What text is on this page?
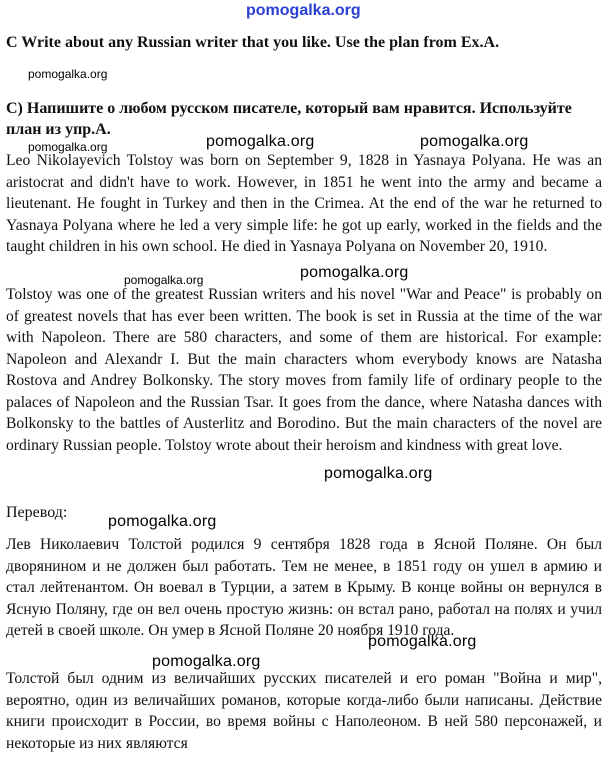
pomogalka.org

C Write about any Russian writer that you like. Use the plan from Ex.A.

pomogalka.org

С) Напишите о любом русском писателе, который вам нравится. Используйте план из упр.А.

pomogalka.org	pomogalka.org	pomogalka.org

Leo Nikolayevich Tolstoy was born on September 9, 1828 in Yasnaya Polyana. He was an aristocrat and didn't have to work. However, in 1851 he went into the army and became a lieutenant. He fought in Turkey and then in the Crimea. At the end of the war he returned to Yasnaya Polyana where he led a very simple life: he got up early, worked in the fields and the taught children in his own school. He died in Yasnaya Polyana on November 20, 1910.

pomogalka.org	pomogalka.org

Tolstoy was one of the greatest Russian writers and his novel "War and Peace" is probably on of greatest novels that has ever been written. The book is set in Russia at the time of the war with Napoleon. There are 580 characters, and some of them are historical. For example: Napoleon and Alexandr I. But the main characters whom everybody knows are Natasha Rostova and Andrey Bolkonsky. The story moves from family life of ordinary people to the palaces of Napoleon and the Russian Tsar. It goes from the dance, where Natasha dances with Bolkonsky to the battles of Austerlitz and Borodino. But the main characters of the novel are ordinary Russian people. Tolstoy wrote about their heroism and kindness with great love.

pomogalka.org

Перевод:

pomogalka.org

Лев Николаевич Толстой родился 9 сентября 1828 года в Ясной Поляне. Он был дворянином и не должен был работать. Тем не менее, в 1851 году он ушел в армию и стал лейтенантом. Он воевал в Турции, а затем в Крыму. В конце войны он вернулся в Ясную Поляну, где он вел очень простую жизнь: он встал рано, работал на полях и учил детей в своей школе. Он умер в Ясной Поляне 20 ноября 1910 года.

pomogalka.org
pomogalka.org

Толстой был одним из величайших русских писателей и его роман "Война и мир", вероятно, один из величайших романов, которые когда-либо были написаны. Действие книги происходит в России, во время войны с Наполеоном. В ней 580 персонажей, и некоторые из них являются
